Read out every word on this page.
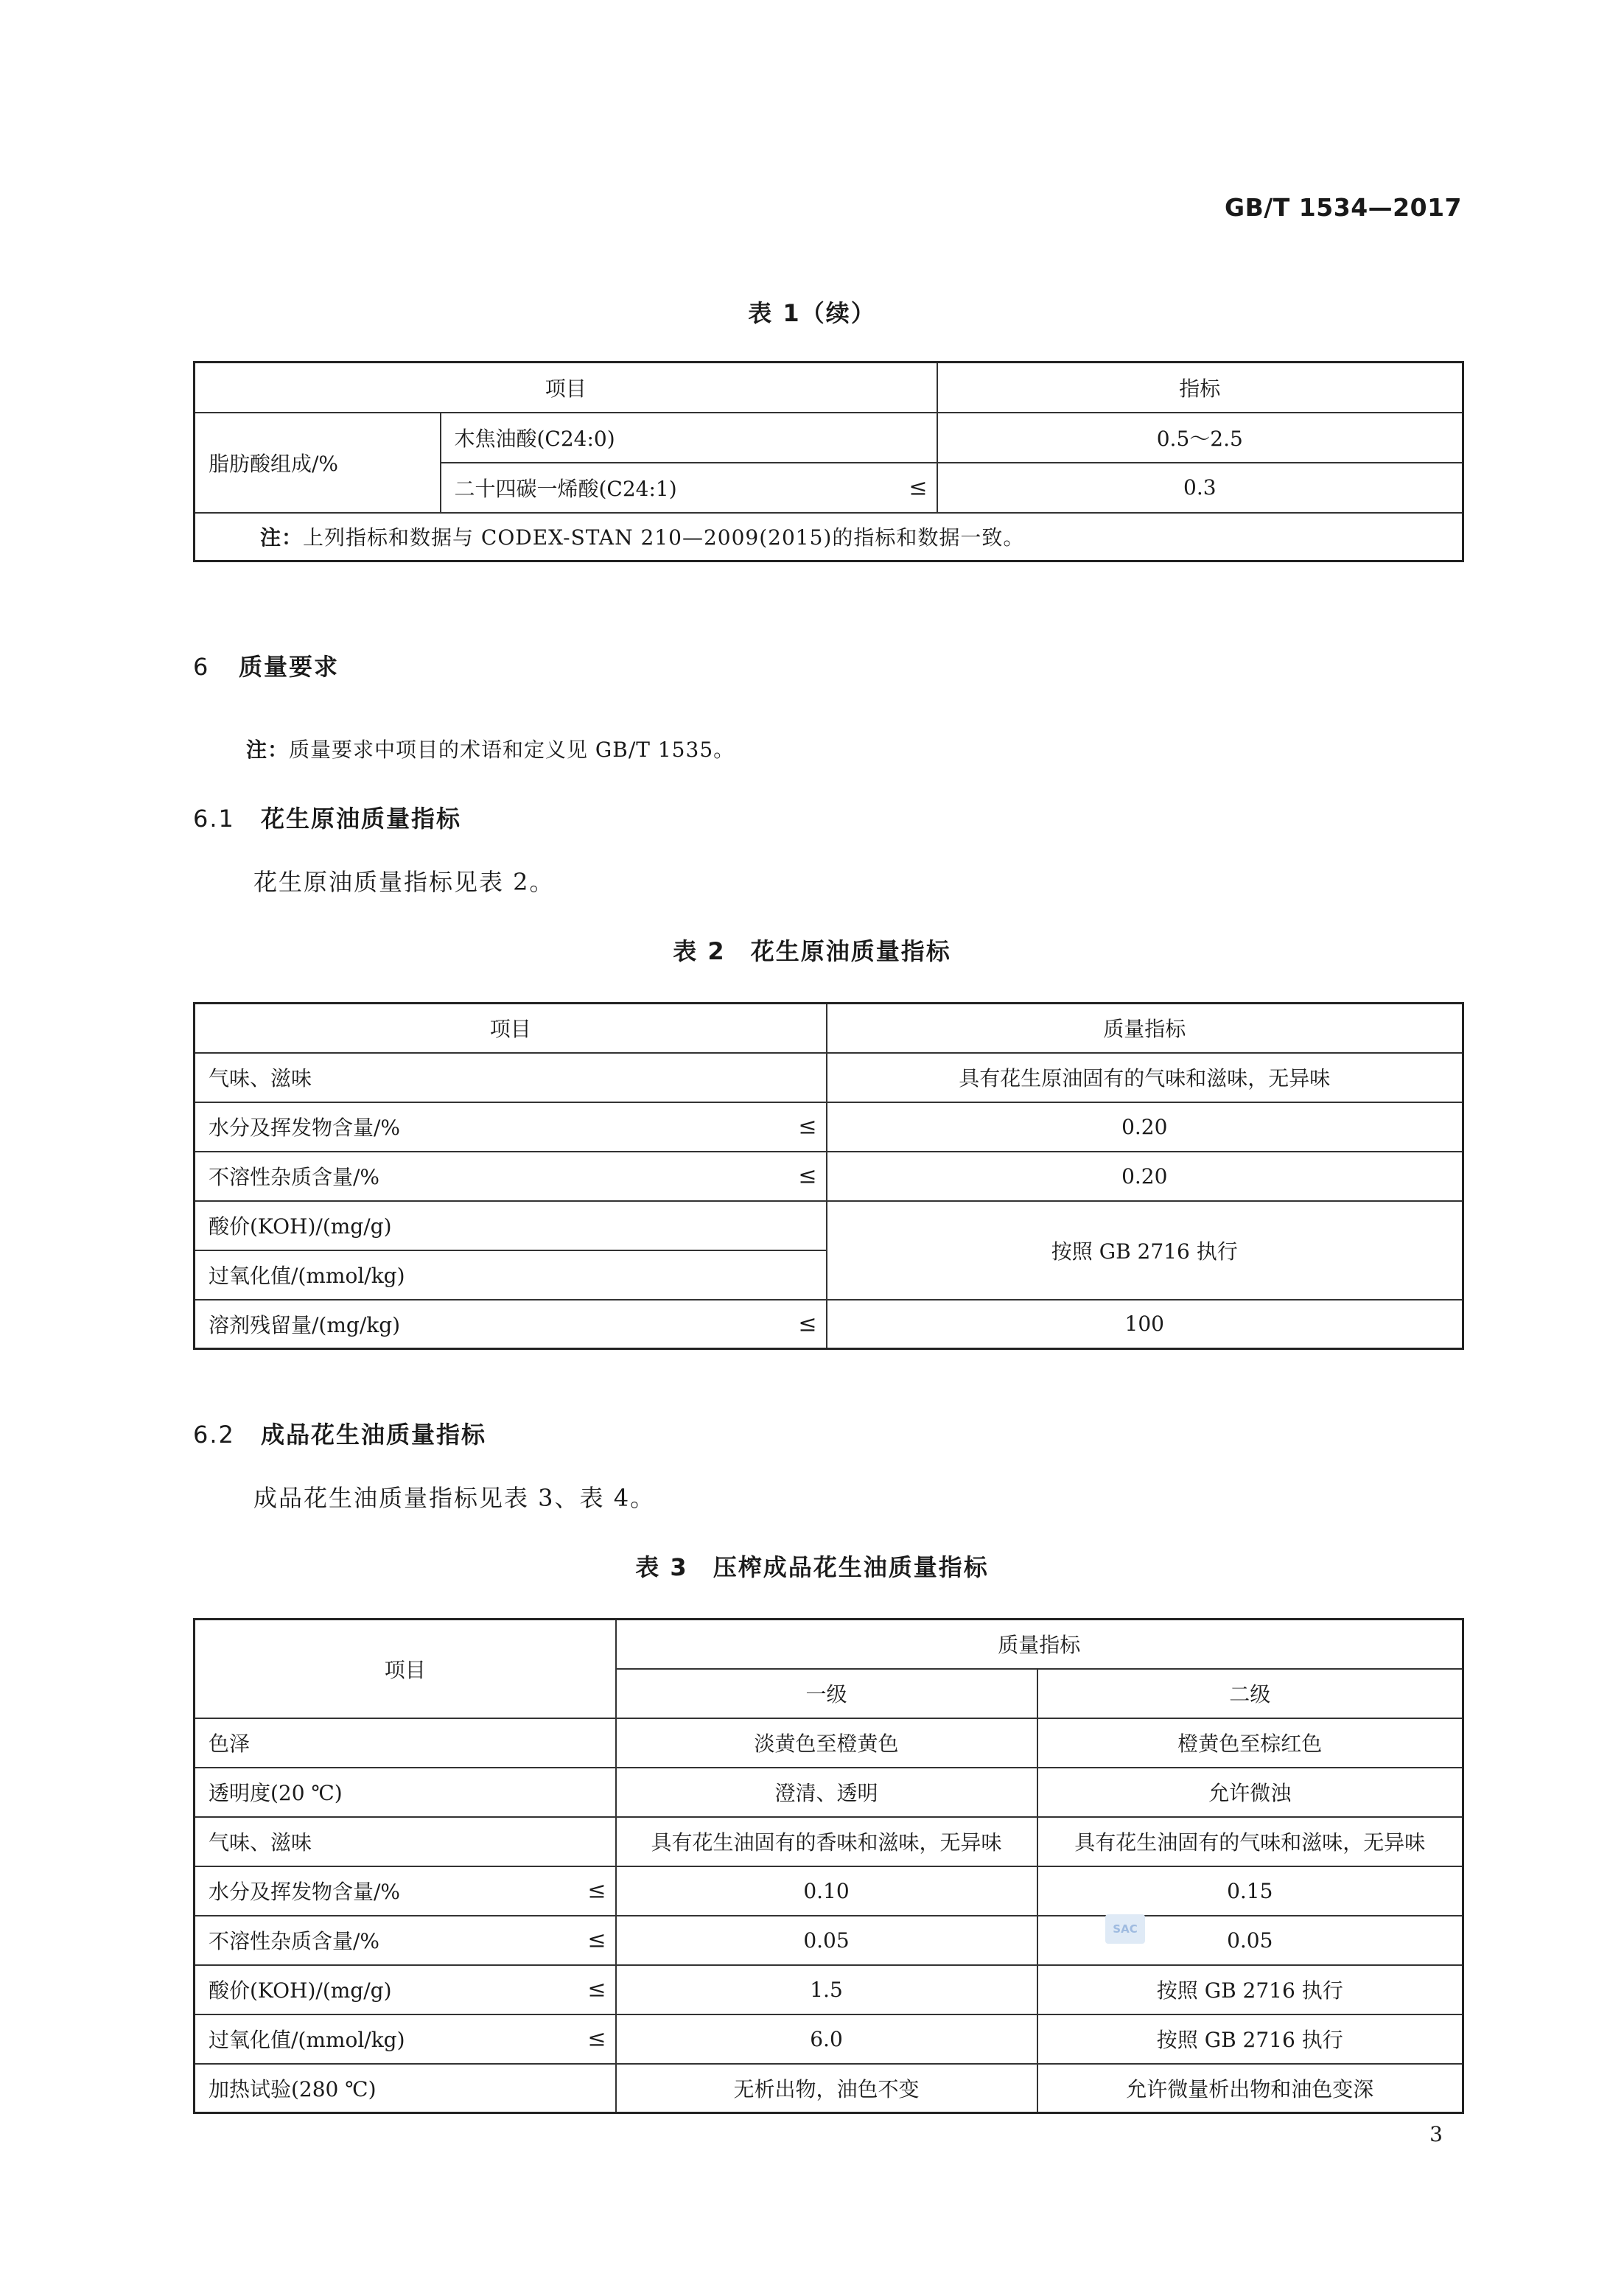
GB/T 1534—2017
表 1（续）
项目		指标
脂肪酸组成/%	木焦油酸(C24:0)	0.5～2.5
	二十四碳一烯酸(C24:1) ≤	0.3
注：上列指标和数据与 CODEX-STAN 210—2009(2015)的指标和数据一致。		
6 质量要求
注：质量要求中项目的术语和定义见 GB/T 1535。
6.1 花生原油质量指标
花生原油质量指标见表 2。
表 2　花生原油质量指标
项目	质量指标
气味、滋味	具有花生原油固有的气味和滋味，无异味
水分及挥发物含量/% ≤	0.20
不溶性杂质含量/% ≤	0.20
酸价(KOH)/(mg/g)	按照 GB 2716 执行
过氧化值/(mmol/kg)	
溶剂残留量/(mg/kg) ≤	100
6.2 成品花生油质量指标
成品花生油质量指标见表 3、表 4。
表 3　压榨成品花生油质量指标
项目	质量指标	
	一级	二级
色泽	淡黄色至橙黄色	橙黄色至棕红色
透明度(20 ℃)	澄清、透明	允许微浊
气味、滋味	具有花生油固有的香味和滋味，无异味	具有花生油固有的气味和滋味，无异味
水分及挥发物含量/% ≤	0.10	0.15
不溶性杂质含量/% ≤	0.05	0.05
酸价(KOH)/(mg/g) ≤	1.5	按照 GB 2716 执行
过氧化值/(mmol/kg) ≤	6.0	按照 GB 2716 执行
加热试验(280 ℃)	无析出物，油色不变	允许微量析出物和油色变深
SAC
3
